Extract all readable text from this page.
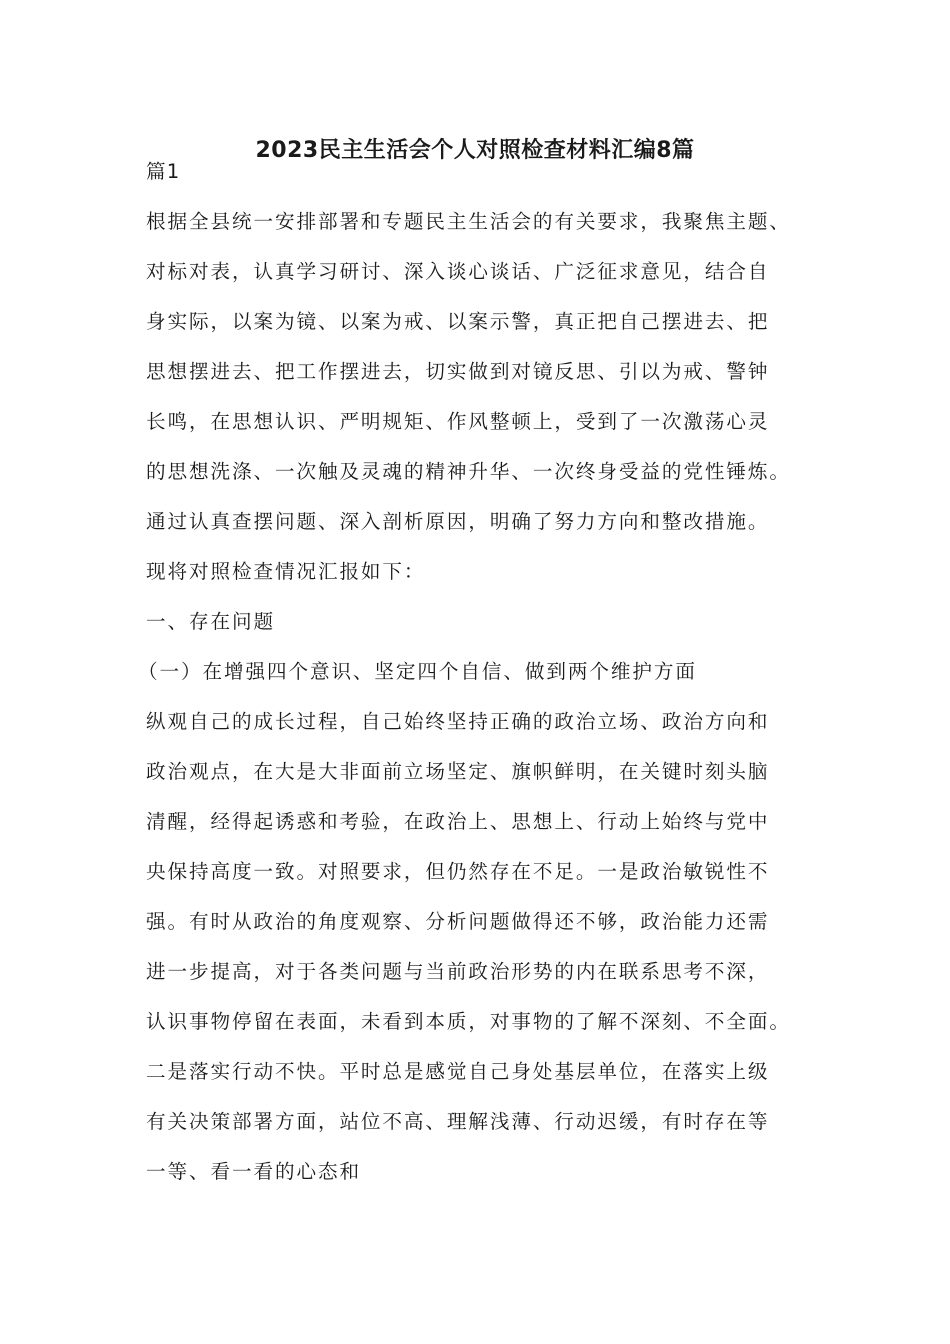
2023民主生活会个人对照检查材料汇编8篇
篇1
根据全县统一安排部署和专题民主生活会的有关要求，我聚焦主题、
对标对表，认真学习研讨、深入谈心谈话、广泛征求意见，结合自
身实际，以案为镜、以案为戒、以案示警，真正把自己摆进去、把
思想摆进去、把工作摆进去，切实做到对镜反思、引以为戒、警钟
长鸣，在思想认识、严明规矩、作风整顿上，受到了一次激荡心灵
的思想洗涤、一次触及灵魂的精神升华、一次终身受益的党性锤炼。
通过认真查摆问题、深入剖析原因，明确了努力方向和整改措施。
现将对照检查情况汇报如下：
一、存在问题
（一）在增强四个意识、坚定四个自信、做到两个维护方面
纵观自己的成长过程，自己始终坚持正确的政治立场、政治方向和
政治观点，在大是大非面前立场坚定、旗帜鲜明，在关键时刻头脑
清醒，经得起诱惑和考验，在政治上、思想上、行动上始终与党中
央保持高度一致。对照要求，但仍然存在不足。一是政治敏锐性不
强。有时从政治的角度观察、分析问题做得还不够，政治能力还需
进一步提高，对于各类问题与当前政治形势的内在联系思考不深，
认识事物停留在表面，未看到本质，对事物的了解不深刻、不全面。
二是落实行动不快。平时总是感觉自己身处基层单位，在落实上级
有关决策部署方面，站位不高、理解浅薄、行动迟缓，有时存在等
一等、看一看的心态和
